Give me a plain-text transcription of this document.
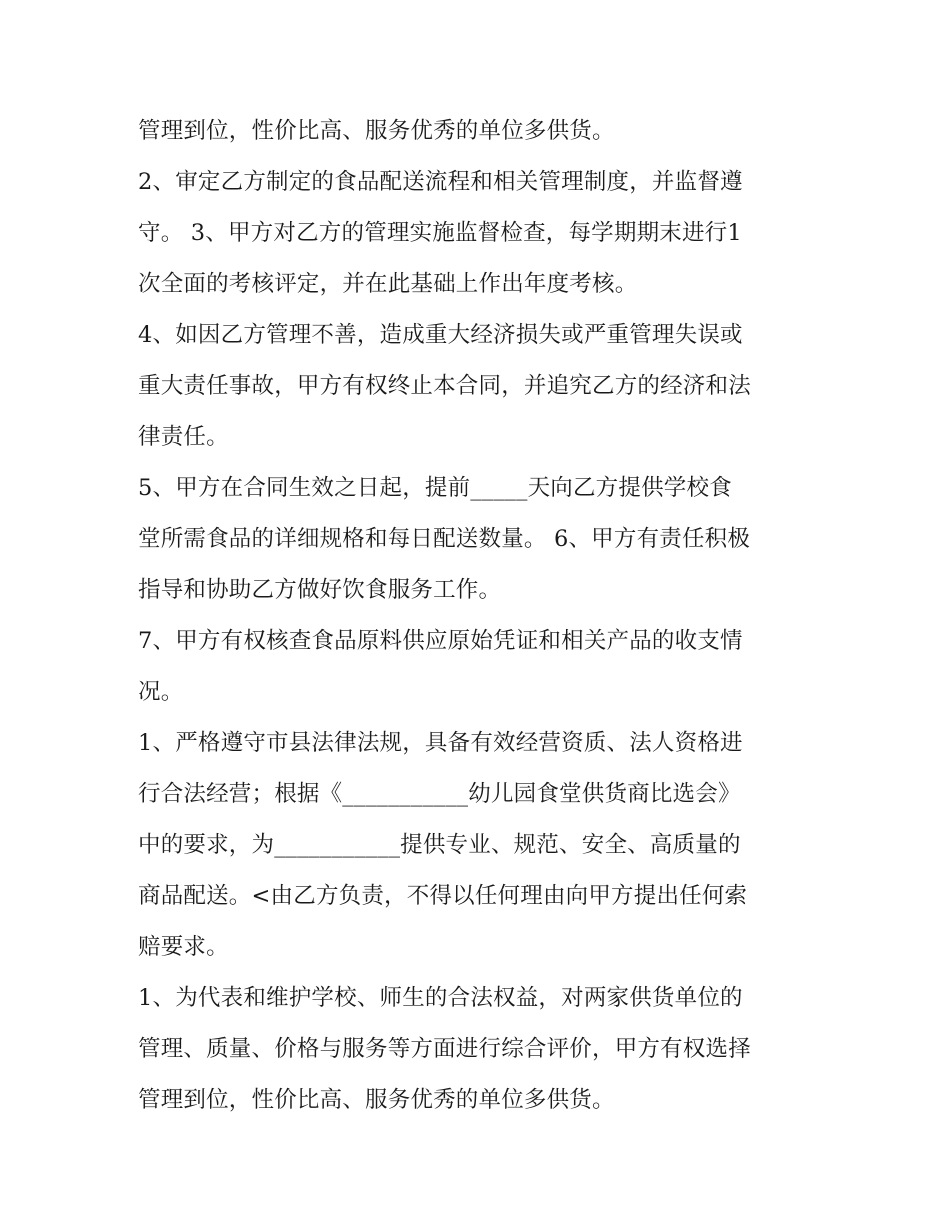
管理到位，性价比高、服务优秀的单位多供货。
2、审定乙方制定的食品配送流程和相关管理制度，并监督遵
守。 3、甲方对乙方的管理实施监督检查，每学期期末进行1
次全面的考核评定，并在此基础上作出年度考核。
4、如因乙方管理不善，造成重大经济损失或严重管理失误或
重大责任事故，甲方有权终止本合同，并追究乙方的经济和法
律责任。
5、甲方在合同生效之日起，提前_____天向乙方提供学校食
堂所需食品的详细规格和每日配送数量。 6、甲方有责任积极
指导和协助乙方做好饮食服务工作。
7、甲方有权核查食品原料供应原始凭证和相关产品的收支情
况。
1、严格遵守市县法律法规，具备有效经营资质、法人资格进
行合法经营；根据《___________幼儿园食堂供货商比选会》
中的要求，为___________提供专业、规范、安全、高质量的
商品配送。<由乙方负责，不得以任何理由向甲方提出任何索
赔要求。
1、为代表和维护学校、师生的合法权益，对两家供货单位的
管理、质量、价格与服务等方面进行综合评价，甲方有权选择
管理到位，性价比高、服务优秀的单位多供货。
